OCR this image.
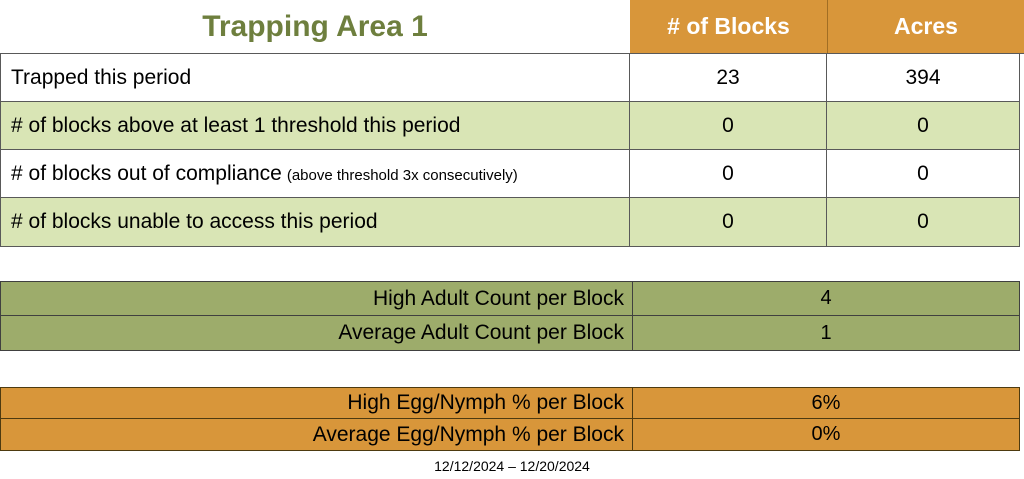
Trapping Area 1	# of Blocks	Acres
Trapped this period	23	394
# of blocks above at least 1 threshold this period	0	0
# of blocks out of compliance (above threshold 3x consecutively)	0	0
# of blocks unable to access this period	0	0
High Adult Count per Block	4
Average Adult Count per Block	1
High Egg/Nymph % per Block	6%
Average Egg/Nymph % per Block	0%
12/12/2024 – 12/20/2024
